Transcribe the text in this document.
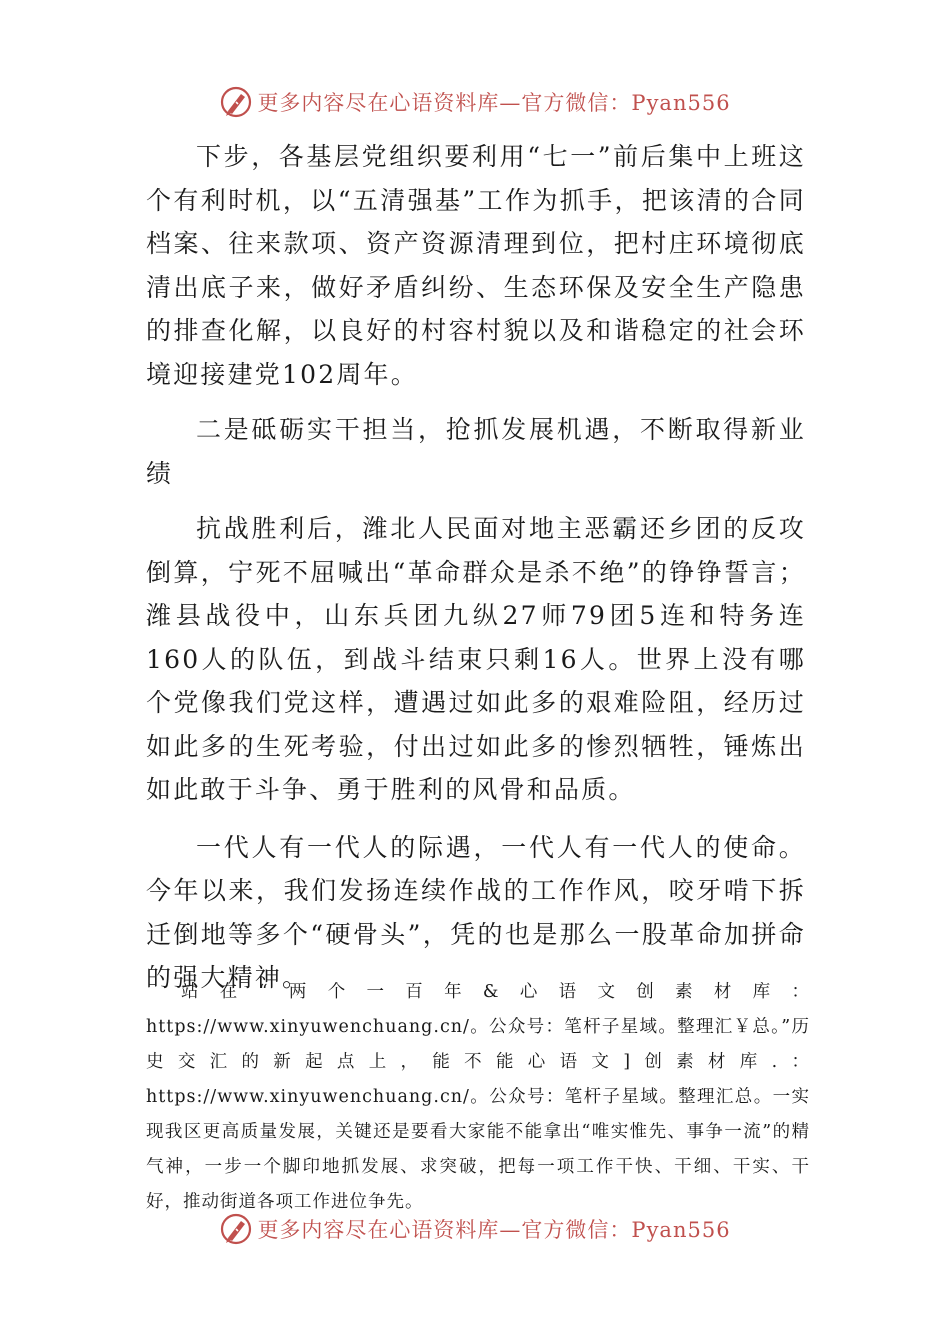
更多内容尽在心语资料库—官方微信：Pyan556

下步，各基层党组织要利用“七一”前后集中上班这个有利时机，以“五清强基”工作为抓手，把该清的合同档案、往来款项、资产资源清理到位，把村庄环境彻底清出底子来，做好矛盾纠纷、生态环保及安全生产隐患的排查化解，以良好的村容村貌以及和谐稳定的社会环境迎接建党102周年。

二是砥砺实干担当，抢抓发展机遇，不断取得新业绩

抗战胜利后，潍北人民面对地主恶霸还乡团的反攻倒算，宁死不屈喊出“革命群众是杀不绝”的铮铮誓言；潍县战役中，山东兵团九纵27师79团5连和特务连160人的队伍，到战斗结束只剩16人。世界上没有哪个党像我们党这样，遭遇过如此多的艰难险阻，经历过如此多的生死考验，付出过如此多的惨烈牺牲，锤炼出如此敢于斗争、勇于胜利的风骨和品质。

一代人有一代人的际遇，一代人有一代人的使命。今年以来，我们发扬连续作战的工作作风，咬牙啃下拆迁倒地等多个“硬骨头”，凭的也是那么一股革命加拼命的强大精神。

站在“两个一百年&心语文创素材库：https://www.xinyuwenchuang.cn/。公众号：笔杆子星域。整理汇￥总。”历史交汇的新起点上，能不能心语文]创素材库.：https://www.xinyuwenchuang.cn/。公众号：笔杆子星域。整理汇总。一实现我区更高质量发展，关键还是要看大家能不能拿出“唯实惟先、事争一流”的精气神，一步一个脚印地抓发展、求突破，把每一项工作干快、干细、干实、干好，推动街道各项工作进位争先。

更多内容尽在心语资料库—官方微信：Pyan556
